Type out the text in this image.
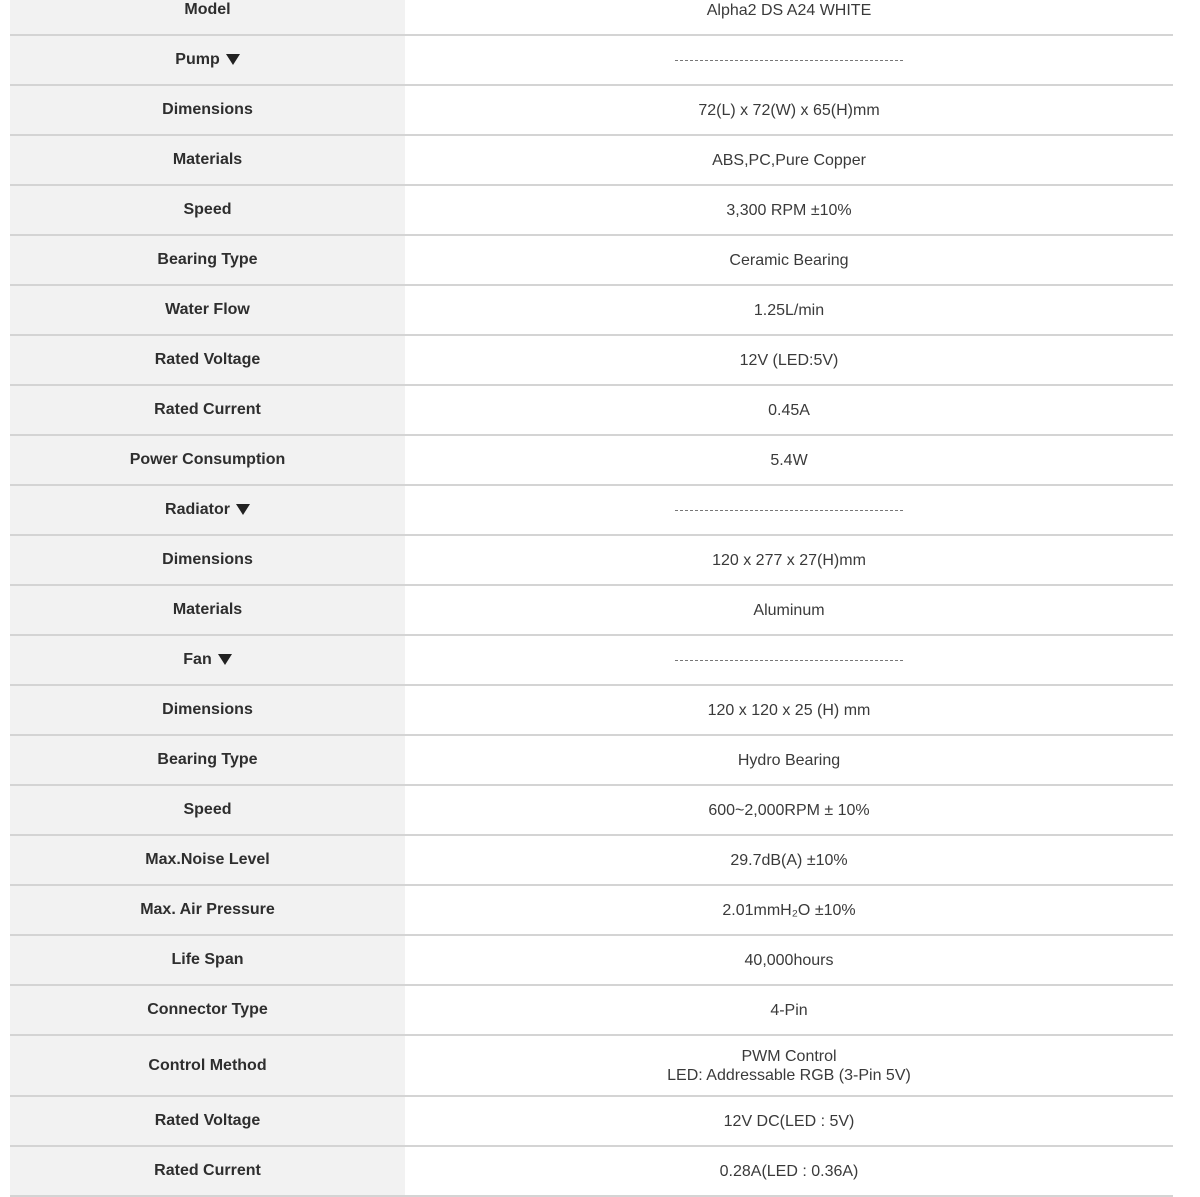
Model	Alpha2 DS A24 WHITE

Pump	
Dimensions	72(L) x 72(W) x 65(H)mm

Materials	ABS,PC,Pure Copper

Speed	3,300 RPM ±10%

Bearing Type	Ceramic Bearing

Water Flow	1.25L/min

Rated Voltage	12V (LED:5V)

Rated Current	0.45A

Power Consumption	5.4W

Radiator	
Dimensions	120 x 277 x 27(H)mm

Materials	Aluminum

Fan	
Dimensions	120 x 120 x 25 (H) mm

Bearing Type	Hydro Bearing

Speed	600~2,000RPM ± 10%

Max.Noise Level	29.7dB(A) ±10%

Max. Air Pressure	2.01mmH₂O ±10%

Life Span	40,000hours

Connector Type	4-Pin

Control Method	PWM Control
LED: Addressable RGB (3-Pin 5V)

Rated Voltage	12V DC(LED : 5V)

Rated Current	0.28A(LED : 0.36A)
